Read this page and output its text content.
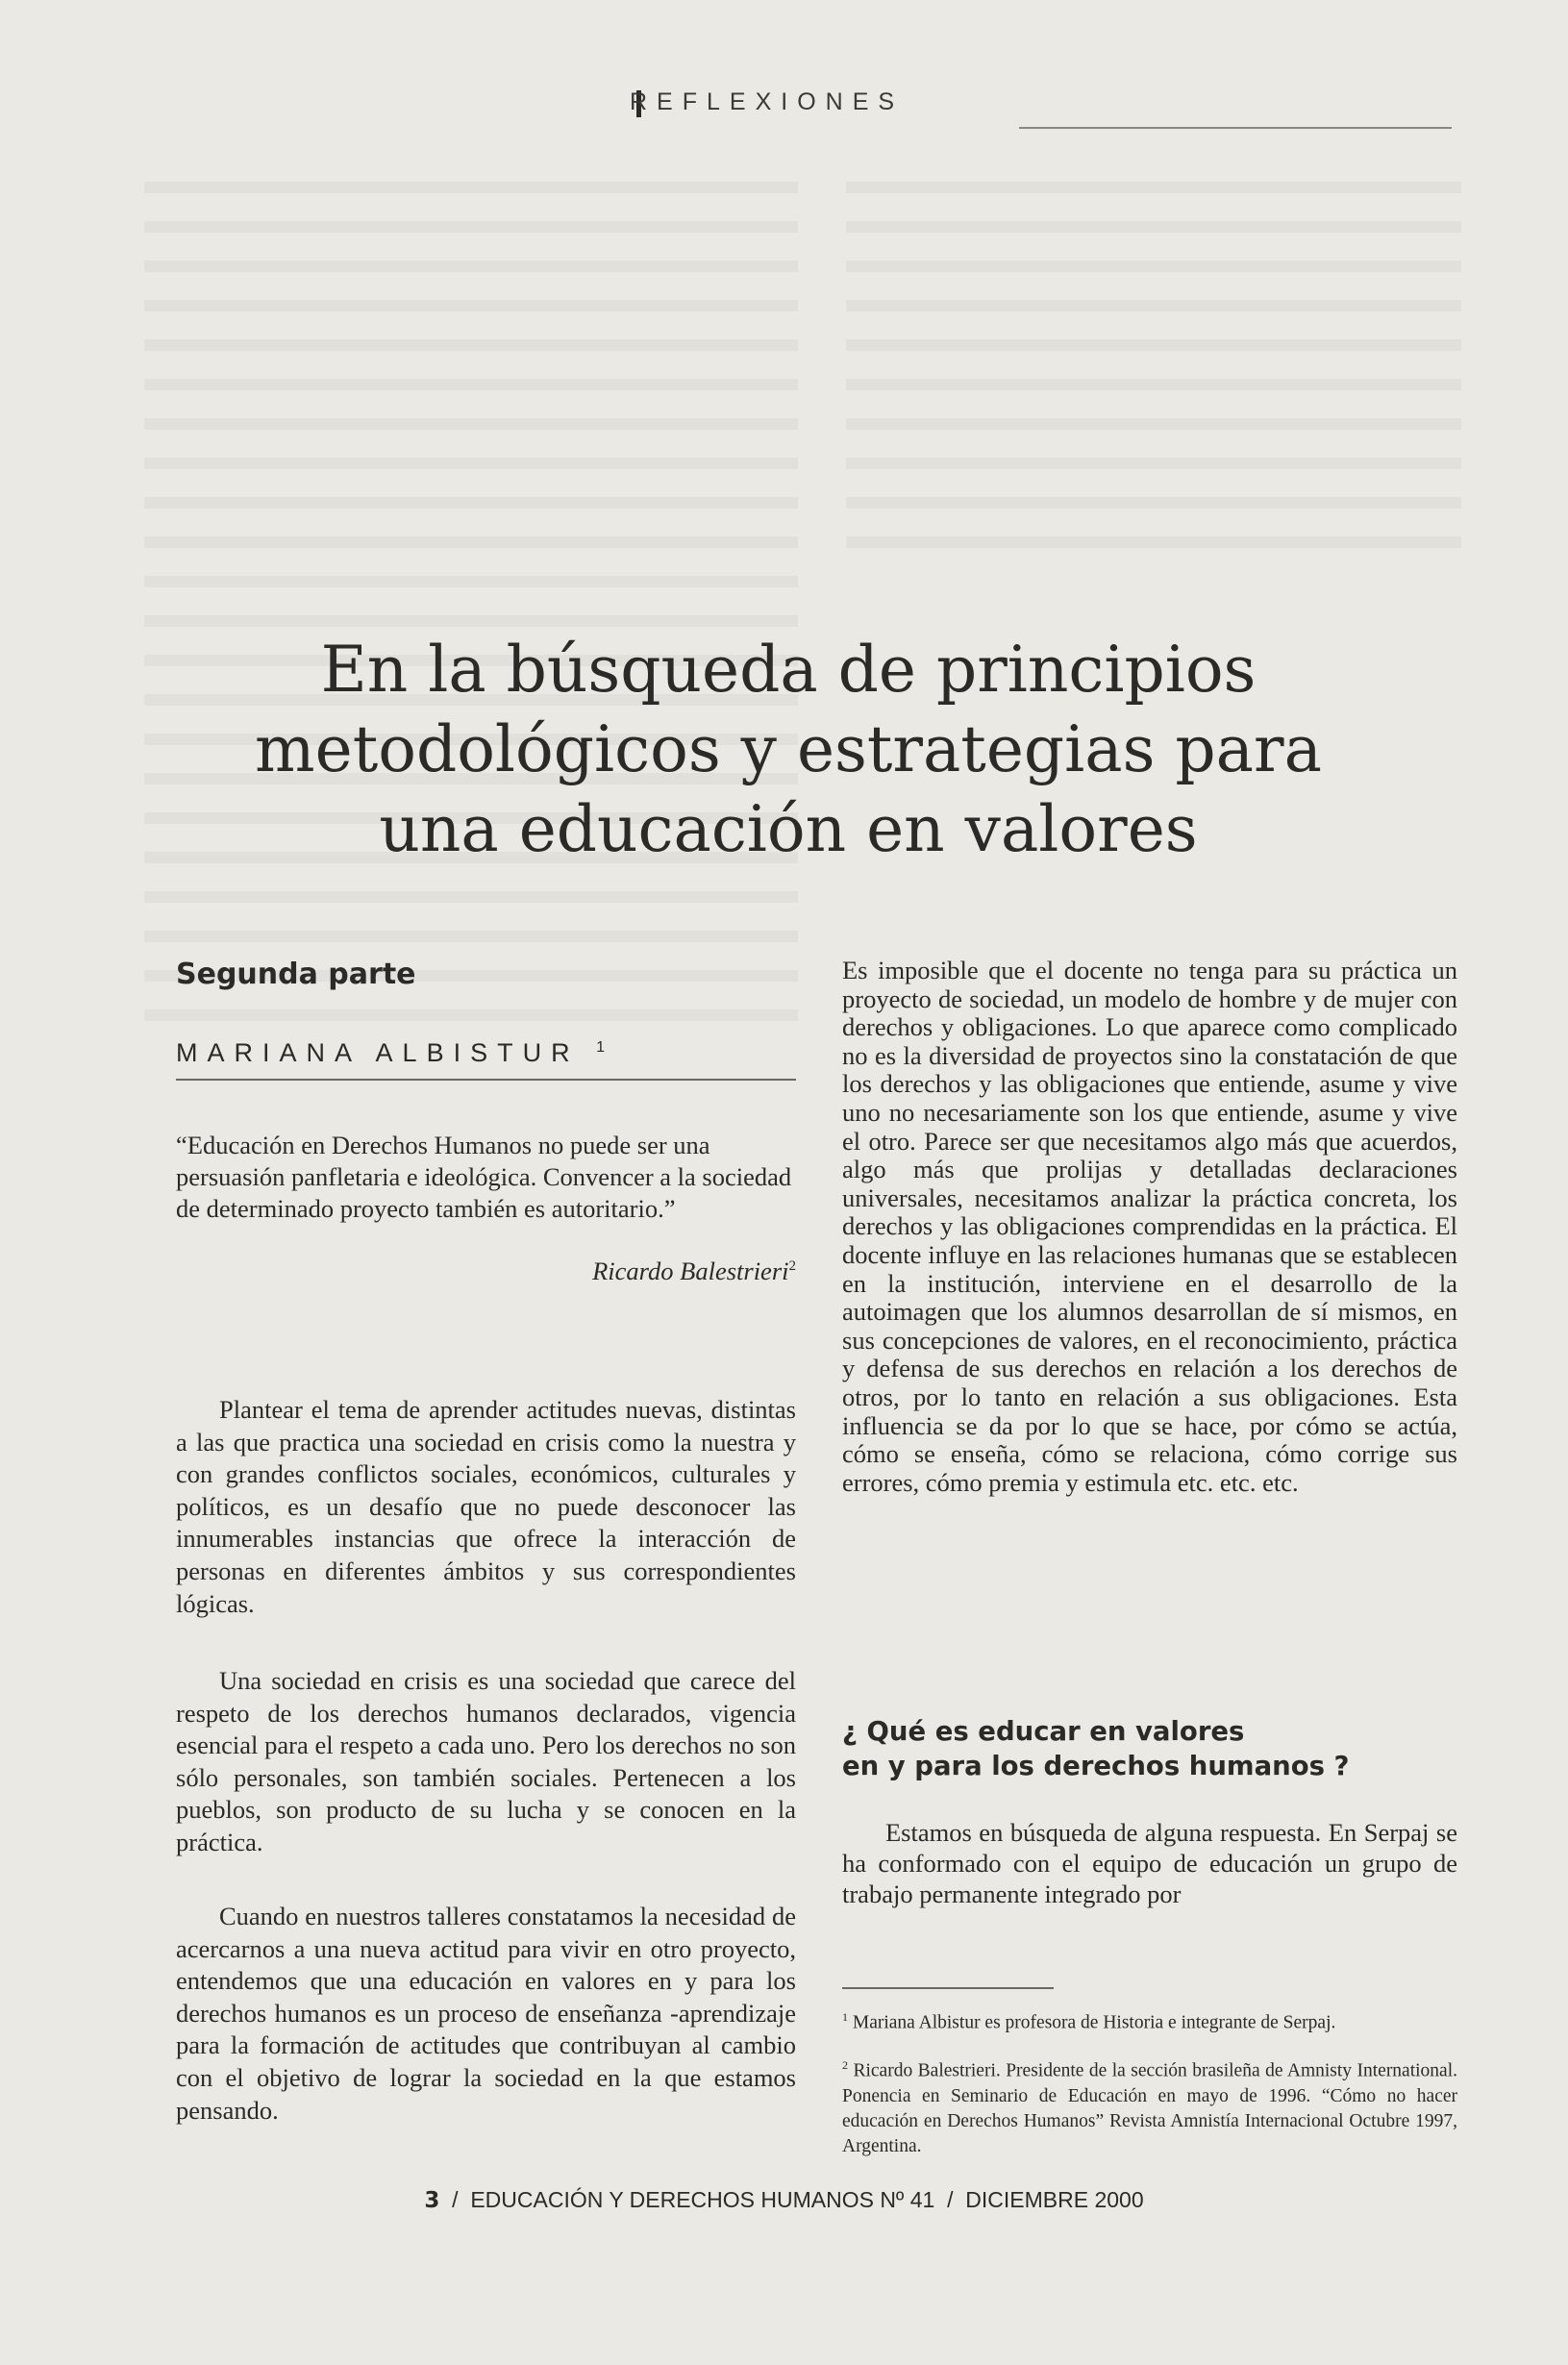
REFLEXIONES
En la búsqueda de principios
metodológicos y estrategias para
una educación en valores
Segunda parte
MARIANA ALBISTUR $^1$

“Educación en Derechos Humanos no puede ser una persuasión panfletaria e ideológica. Convencer a la sociedad de determinado proyecto también es autoritario.”

Ricardo Balestrieri$^2$

Plantear el tema de aprender actitudes nuevas, distintas a las que practica una sociedad en crisis como la nuestra y con grandes conflictos sociales, económicos, culturales y políticos, es un desafío que no puede desconocer las innumerables instancias que ofrece la interacción de personas en diferentes ámbitos y sus correspondientes lógicas.

Una sociedad en crisis es una sociedad que carece del respeto de los derechos humanos declarados, vigencia esencial para el respeto a cada uno. Pero los derechos no son sólo personales, son también sociales. Pertenecen a los pueblos, son producto de su lucha y se conocen en la práctica.

Cuando en nuestros talleres constatamos la necesidad de acercarnos a una nueva actitud para vivir en otro proyecto, entendemos que una educación en valores en y para los derechos humanos es un proceso de enseñanza -aprendizaje para la formación de actitudes que contribuyan al cambio con el objetivo de lograr la sociedad en la que estamos pensando.

Es imposible que el docente no tenga para su práctica un proyecto de sociedad, un modelo de hombre y de mujer con derechos y obligaciones. Lo que aparece como complicado no es la diversidad de proyectos sino la constatación de que los derechos y las obligaciones que entiende, asume y vive uno no necesariamente son los que entiende, asume y vive el otro. Parece ser que necesitamos algo más que acuerdos, algo más que prolijas y detalladas declaraciones universales, necesitamos analizar la práctica concreta, los derechos y las obligaciones comprendidas en la práctica. El docente influye en las relaciones humanas que se establecen en la institución, interviene en el desarrollo de la autoimagen que los alumnos desarrollan de sí mismos, en sus concepciones de valores, en el reconocimiento, práctica y defensa de sus derechos en relación a los derechos de otros, por lo tanto en relación a sus obligaciones. Esta influencia se da por lo que se hace, por cómo se actúa, cómo se enseña, cómo se relaciona, cómo corrige sus errores, cómo premia y estimula etc. etc. etc.

¿ Qué es educar en valores
en y para los derechos humanos ?

Estamos en búsqueda de alguna respuesta. En Serpaj se ha conformado con el equipo de educación un grupo de trabajo permanente integrado por

$^1$ Mariana Albistur es profesora de Historia e integrante de Serpaj.

$^2$ Ricardo Balestrieri. Presidente de la sección brasileña de Amnisty International. Ponencia en Seminario de Educación en mayo de 1996. “Cómo no hacer educación en Derechos Humanos” Revista Amnistía Internacional Octubre 1997, Argentina.

3 / EDUCACIÓN Y DERECHOS HUMANOS Nº 41 / DICIEMBRE 2000
